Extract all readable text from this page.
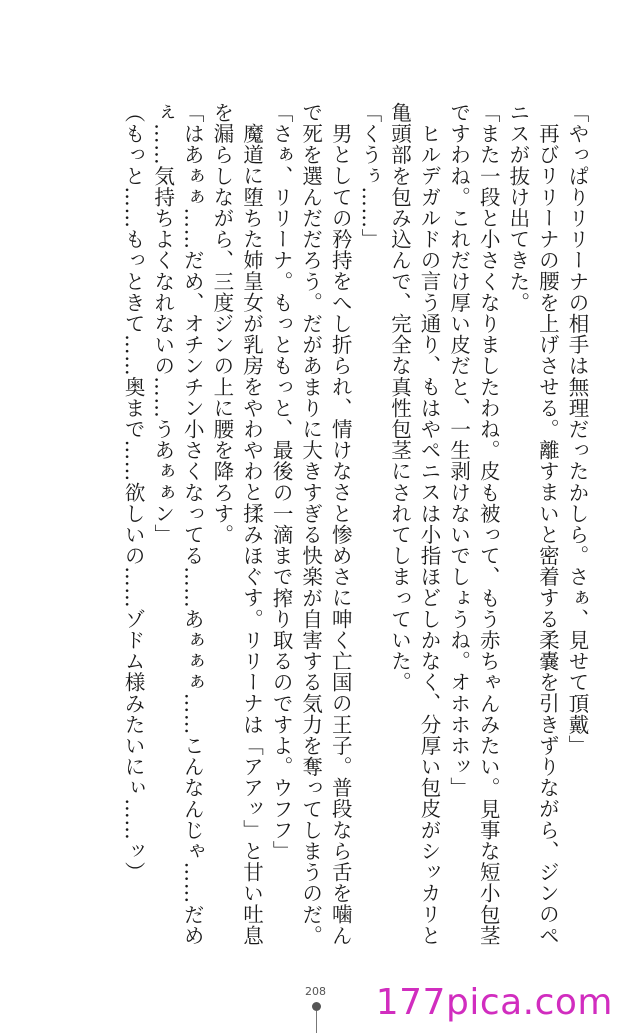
「やっぱりリリーナの相手は無理だったかしら。さぁ、見せて頂戴」
再びリリーナの腰を上げさせる。離すまいと密着する柔嚢を引きずりながら、ジンのペ
ニスが抜け出てきた。
「また一段と小さくなりましたわね。皮も被って、もう赤ちゃんみたい。見事な短小包茎
ですわね。これだけ厚い皮だと、一生剥けないでしょうね。オホホホッ」
ヒルデガルドの言う通り、もはやペニスは小指ほどしかなく、分厚い包皮がシッカリと
亀頭部を包み込んで、完全な真性包茎にされてしまっていた。
「くうぅ……」
男としての矜持をへし折られ、情けなさと惨めさに呻く亡国の王子。普段なら舌を噛ん
で死を選んだだろう。だがあまりに大きすぎる快楽が自害する気力を奪ってしまうのだ。
「さぁ、リリーナ。もっともっと、最後の一滴まで搾り取るのですよ。ウフフ」
魔道に堕ちた姉皇女が乳房をやわやわと揉みほぐす。リリーナは「アアッ」と甘い吐息
を漏らしながら、三度ジンの上に腰を降ろす。
「はあぁぁ……だめ、オチンチン小さくなってる……あぁぁぁ……こんなんじゃ……だめ
ぇ……気持ちよくなれないの……うあぁぁン」
（もっと……もっときて……奥まで……欲しいの……ゾドム様みたいにぃ……ッ）
208	177pica.com
